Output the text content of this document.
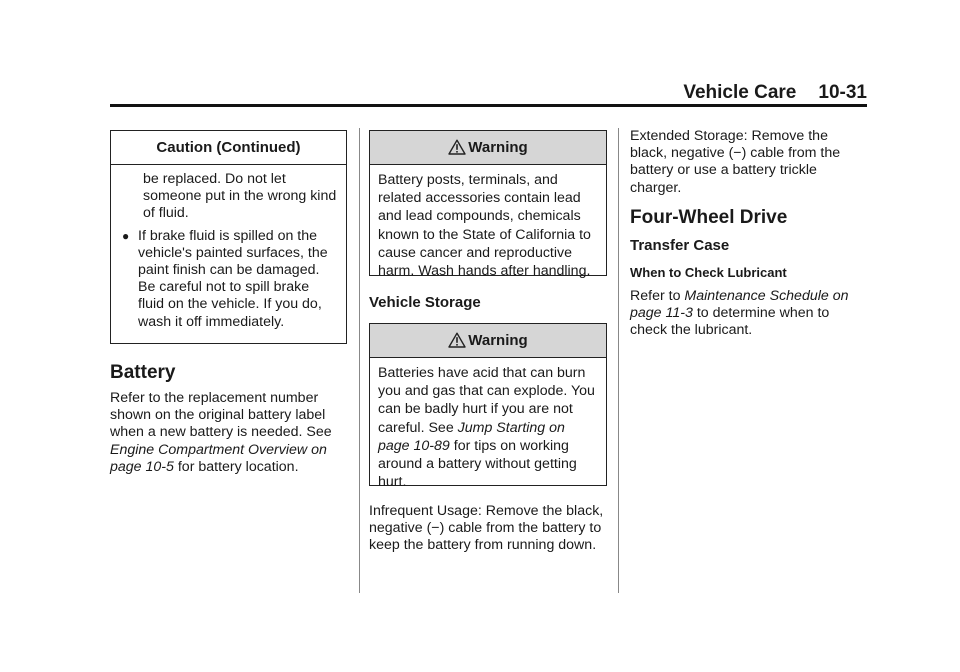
Vehicle Care 10-31
Caution (Continued)

be replaced. Do not let someone put in the wrong kind of fluid.

● If brake fluid is spilled on the vehicle's painted surfaces, the paint finish can be damaged. Be careful not to spill brake fluid on the vehicle. If you do, wash it off immediately.
Battery

Refer to the replacement number shown on the original battery label when a new battery is needed. See Engine Compartment Overview on page 10-5 for battery location.

Warning
Battery posts, terminals, and related accessories contain lead and lead compounds, chemicals known to the State of California to cause cancer and reproductive harm. Wash hands after handling.
Vehicle Storage
Warning
Batteries have acid that can burn you and gas that can explode. You can be badly hurt if you are not careful. See Jump Starting on page 10-89 for tips on working around a battery without getting hurt.

Infrequent Usage: Remove the black, negative (−) cable from the battery to keep the battery from running down.

Extended Storage: Remove the black, negative (−) cable from the battery or use a battery trickle charger.

Four-Wheel Drive
Transfer Case
When to Check Lubricant

Refer to Maintenance Schedule on page 11-3 to determine when to check the lubricant.
